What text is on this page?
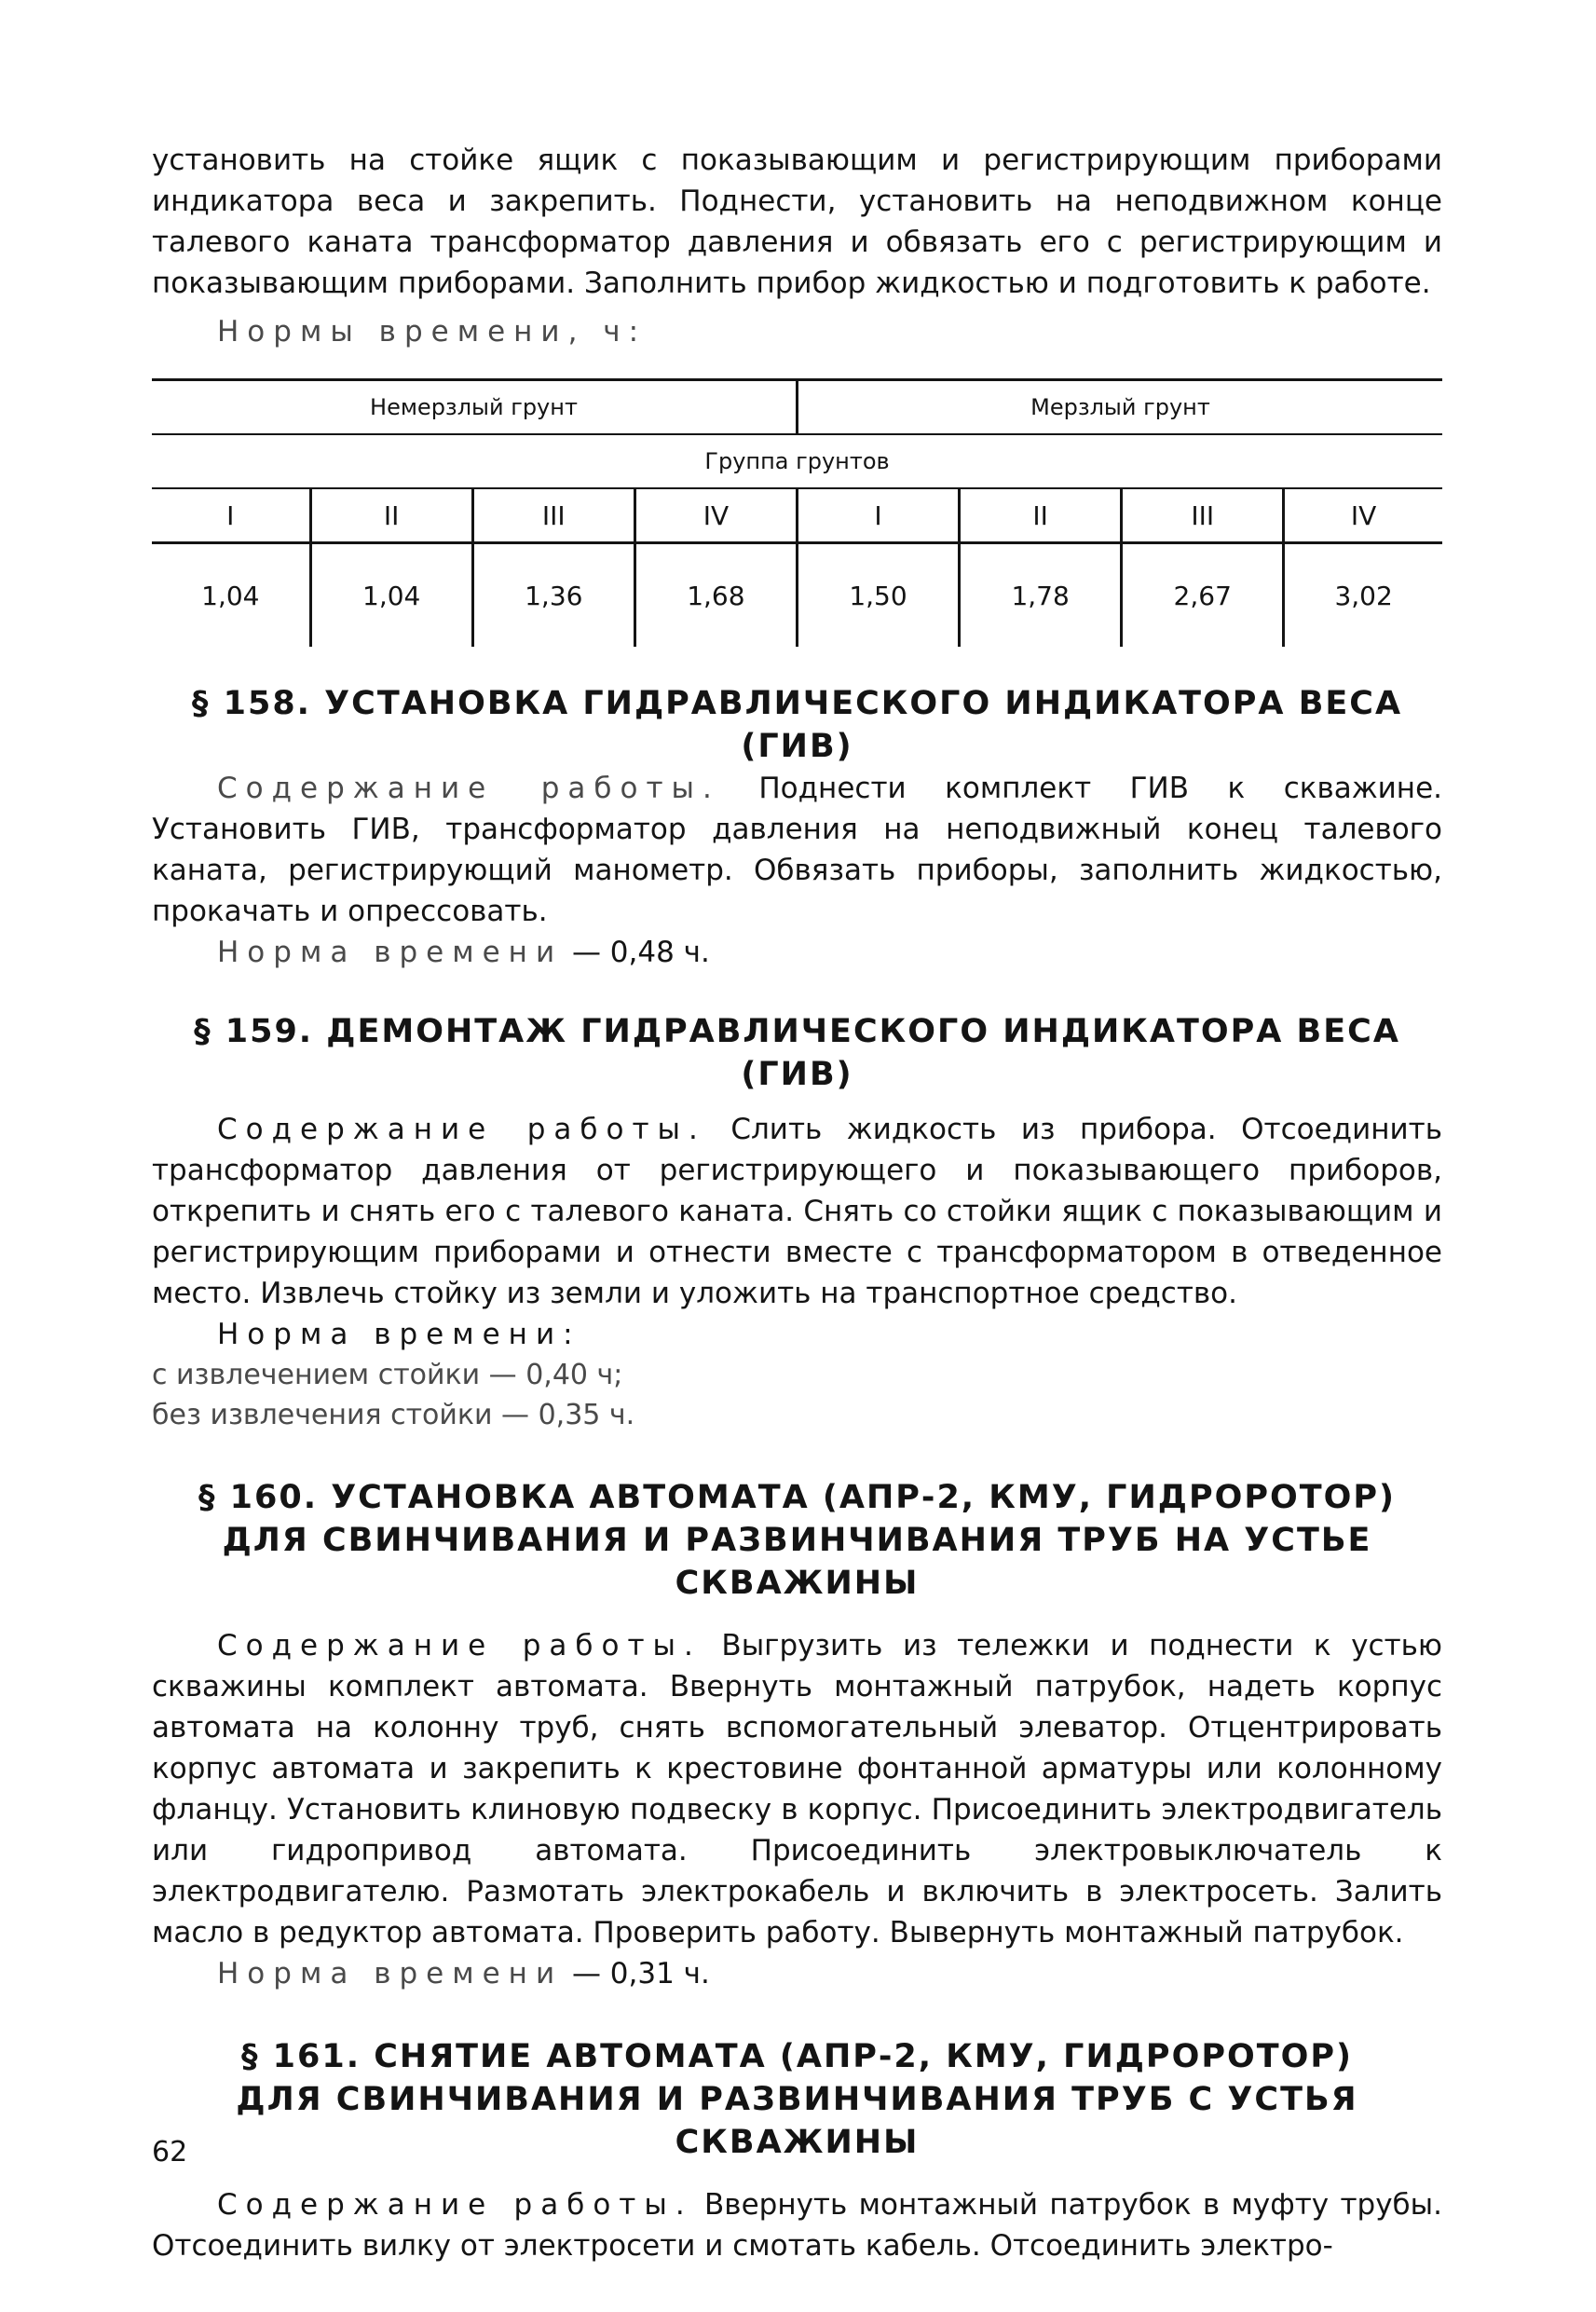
установить на стойке ящик с показывающим и регистрирующим приборами индикатора веса и закрепить. Поднести, установить на неподвижном конце талевого каната трансформатор давления и обвязать его с регистрирующим и показывающим приборами. Заполнить прибор жидкостью и подготовить к работе.

Нормы времени, ч:
Немерзлый грунт				Мерзлый грунт			
Группа грунтов							
I	II	III	IV	I	II	III	IV
1,04	1,04	1,36	1,68	1,50	1,78	2,67	3,02
§ 158. УСТАНОВКА ГИДРАВЛИЧЕСКОГО ИНДИКАТОРА ВЕСА (ГИВ)

Содержание работы. Поднести комплект ГИВ к скважине. Установить ГИВ, трансформатор давления на неподвижный конец талевого каната, регистрирующий манометр. Обвязать приборы, заполнить жидкостью, прокачать и опрессовать.

Норма времени — 0,48 ч.
§ 159. ДЕМОНТАЖ ГИДРАВЛИЧЕСКОГО ИНДИКАТОРА ВЕСА (ГИВ)

Содержание работы. Слить жидкость из прибора. Отсоединить трансформатор давления от регистрирующего и показывающего приборов, открепить и снять его с талевого каната. Снять со стойки ящик с показывающим и регистрирующим приборами и отнести вместе с трансформатором в отведенное место. Извлечь стойку из земли и уложить на транспортное средство.

Норма времени:
с извлечением стойки — 0,40 ч;
без извлечения стойки — 0,35 ч.
§ 160. УСТАНОВКА АВТОМАТА (АПР-2, КМУ, ГИДРОРОТОР)
ДЛЯ СВИНЧИВАНИЯ И РАЗВИНЧИВАНИЯ ТРУБ НА УСТЬЕ СКВАЖИНЫ

Содержание работы. Выгрузить из тележки и поднести к устью скважины комплект автомата. Ввернуть монтажный патрубок, надеть корпус автомата на колонну труб, снять вспомогательный элеватор. Отцентрировать корпус автомата и закрепить к крестовине фонтанной арматуры или колонному фланцу. Установить клиновую подвеску в корпус. Присоединить электродвигатель или гидропривод автомата. Присоединить электровыключатель к электродвигателю. Размотать электрокабель и включить в электросеть. Залить масло в редуктор автомата. Проверить работу. Вывернуть монтажный патрубок.

Норма времени — 0,31 ч.
§ 161. СНЯТИЕ АВТОМАТА (АПР-2, КМУ, ГИДРОРОТОР)
ДЛЯ СВИНЧИВАНИЯ И РАЗВИНЧИВАНИЯ ТРУБ С УСТЬЯ СКВАЖИНЫ

Содержание работы. Ввернуть монтажный патрубок в муфту трубы. Отсоединить вилку от электросети и смотать кабель. Отсоединить электро-

62
